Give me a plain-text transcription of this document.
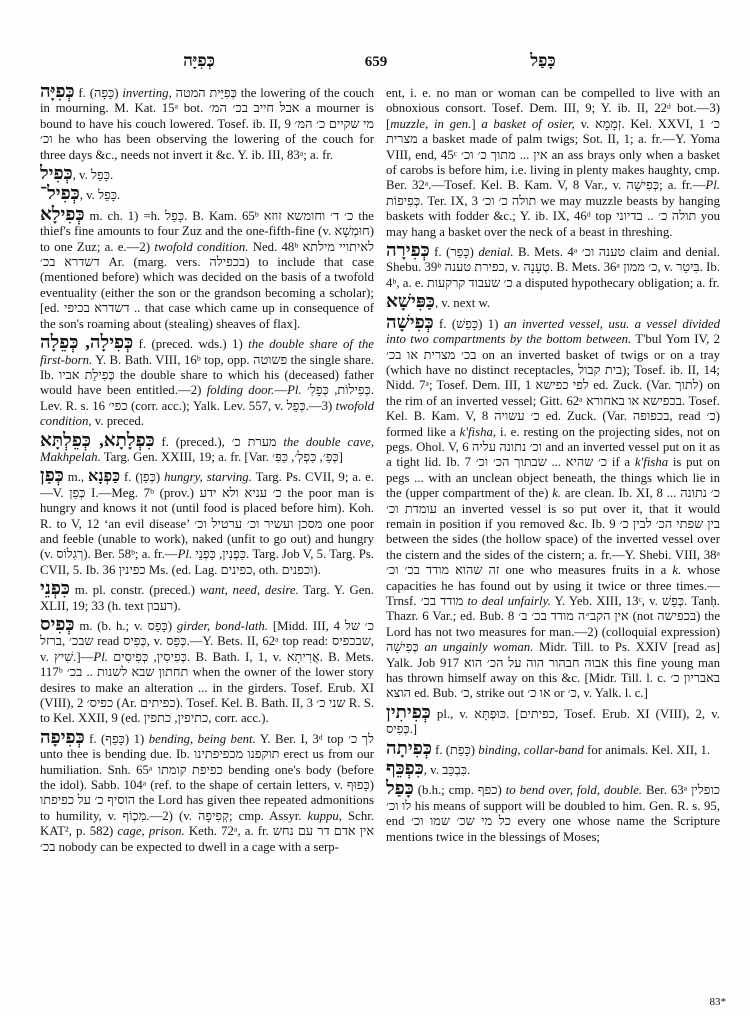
כְּפִיָּה	659	כָּפַל

כְּפִיָּה f. (כָּפָה) inverting, כְּפִיַּית המטה the lowering of the couch in mourning. M. Kat. 15ᵃ bot. אבל חייב בכ׳ המ׳ a mourner is bound to have his couch lowered. Tosef. ib. II, 9 מי שקיים כ׳ המ׳ וכ׳ he who has been observing the lowering of the couch for three days &c., needs not invert it &c. Y. ib. III, 83ᵃ; a. fr.

כְּפִיל, v. כָּפֵל.

כְּפִיל־, v. כָּפֵל.

כְּפִילָא m. ch. 1) =h. כָּפֵל. B. Kam. 65ᵇ כ׳ ד׳ וחומשא זוזא the thief's fine amounts to four Zuz and the one-fifth-fine (v. חוּמְשָׁא) to one Zuz; a. e.—2) twofold condition. Ned. 48ᵇ לאיתויי מילתא דשדרא בכ׳ Ar. (marg. vers. בכפילה) to include that case (mentioned before) which was decided on the basis of a twofold eventuality (either the son or the grandson becoming a scholar); [ed. דשדרא בכיפי .. that case which came up in consequence of the son's roaming about (stealing) sheaves of flax].

כְּפִילָה, כְּפֵלָה f. (preced. wds.) 1) the double share of the first-born. Y. B. Bath. VIII, 16ᵇ top, opp. פשוטה the single share. Ib. כְּפִילַת אביו the double share to which his (deceased) father would have been entitled.—2) folding door.—Pl. כְּפִילוֹת, כְּפָלִ׳. Lev. R. s. 16 כפי׳ (corr. acc.); Yalk. Lev. 557, v. כְּפֵל.—3) twofold condition, v. preced.

כִּפְלָתָא, כְּפֵלְתָּא f. (preced.), מערת כ׳ the double cave, Makhpelah. Targ. Gen. XXIII, 19; a. fr. [Var. כְּפֵ׳, כַּפְלְ׳, כַּפִּ׳]

כְּפַן m., כַּפְנָא f. (כְּפַן) hungry, starving. Targ. Ps. CVII, 9; a. e.—V. כְּפַן I.—Meg. 7ᵇ (prov.) כ׳ עניא ולא ידע the poor man is hungry and knows it not (until food is placed before him). Koh. R. to V, 12 ‘an evil disease’ מסכן ועשיר וכ׳ ערטיל וכ׳ one poor and feeble (unable to work), naked (unfit to go out) and hungry (v. רְגִלוֹס). Ber. 58ᵇ; a. fr.—Pl. כַּפְנִין, כַּפְנֵי. Targ. Job V, 5. Targ. Ps. CVII, 5. Ib. 36 כפינין Ms. (ed. Lag. כפינים, oth. וכפנים).

כִּפְנֵי m. pl. constr. (preced.) want, need, desire. Targ. Y. Gen. XLII, 19; 33 (h. text רעבון).

כְּפִיס m. (b. h.; v. כָּפַס) girder, bond-lath. [Midd. III, 4 כ׳ של ברזל, שבכ׳ read כְּפִיס, v. כְּפַס.—Y. Bets. II, 62ᵃ top read: שבכפיס, v. שִׁיץ.]—Pl. כְּפִיסִין, כְּפִיסִים. B. Bath. I, 1, v. אֲרִיתָא. B. Mets. 117ᵇ תחתון שבא לשנות .. בכ׳ when the owner of the lower story desires to make an alteration ... in the girders. Tosef. Erub. XI (VIII), 2 כפיס׳ (Ar. כפיתים). Tosef. Kel. B. Bath. II, 3 שני כ׳ R. S. to Kel. XXII, 9 (ed. כתיפין, כתפין, corr. acc.).

כְּפִיפָה f. (כָּפַף) 1) bending, being bent. Y. Ber. I, 3ᵈ top לך כ׳ unto thee is bending due. Ib. תוקפנו מכפיפתינו erect us from our humiliation. Snh. 65ᵃ כפיפת קומתו bending one's body (before the idol). Sabb. 104ᵃ (ref. to the shape of certain letters, v. כָּפוּף) הוסיף כ׳ על כפיפתו the Lord has given thee repeated admonitions to humility, v. מִכְוֹף.—2) (v. קְפִיפָה; cmp. Assyr. kuppu, Schr. KAT², p. 582) cage, prison. Keth. 72ᵃ, a. fr. אין אדם דר עם נחש בכ׳ nobody can be expected to dwell in a cage with a serp-

ent, i. e. no man or woman can be compelled to live with an obnoxious consort. Tosef. Dem. III, 9; Y. ib. II, 22ᵈ bot.—3) [muzzle, in gen.] a basket of osier, v. זְמָמָא. Kel. XXVI, 1 כ׳ מצרית a basket made of palm twigs; Sot. II, 1; a. fr.—Y. Yoma VIII, end, 45ᶜ אין ... מתוך כ׳ וכ׳ an ass brays only when a basket of carobs is before him, i.e. living in plenty makes haughty, cmp. Ber. 32ᵃ.—Tosef. Kel. B. Kam. V, 8 Var., v. כְּפִישָׁה; a. fr.—Pl. כְּפִיפוֹת. Ter. IX, 3 תולה כ׳ וכ׳ we may muzzle beasts by hanging baskets with fodder &c.; Y. ib. IX, 46ᵈ top תולה כ׳ .. בדיוני you may hang a basket over the neck of a beast in threshing.

כְּפִירָה f. (כָּפַר) denial. B. Mets. 4ᵃ טענה וכ׳ claim and denial. Shebu. 39ᵇ כפירת טענה, v. טְעָנָה. B. Mets. 36ᵃ כ׳ ממון, v. בִּיטַר. Ib. 4ᵇ, a. e. כ׳ שעבוד קרקעות a disputed hypothecary obligation; a. fr.

כַּפִּישָׁא, v. next w.

כְּפִישָׁה f. (כָּפַשׁ) 1) an inverted vessel, usu. a vessel divided into two compartments by the bottom between. T'bul Yom IV, 2 בכ׳ מצרית או בכ׳ on an inverted basket of twigs or on a tray (which have no distinct receptacles, בית קבול); Tosef. ib. II, 14; Nidd. 7ᵃ; Tosef. Dem. III, 1 לפי כפישא ed. Zuck. (Var. לתוך) on the rim of an inverted vessel; Gitt. 62ᵃ בכפישא או באחורא. Tosef. Kel. B. Kam. V, 8 כ׳ עשויה ed. Zuck. (Var. בכפופה, read כ׳) formed like a k'fisha, i. e. resting on the projecting sides, not on pegs. Ohol. V, 6 וכ׳ נתונה עליה and an inverted vessel put on it as a tight lid. Ib. 7 כ׳ שהיא ... שבתוך הכ׳ וכ׳ if a k'fisha is put on pegs ... with an unclean object beneath, the things which lie in the (upper compartment of the) k. are clean. Ib. XI, 8 כ׳ נתונה ... עומדת וכ׳ an inverted vessel is so put over it, that it would remain in position if you removed &c. Ib. 9 בין שפתי הכ׳ לבין כ׳ between the sides (the hollow space) of the inverted vessel over the cistern and the sides of the cistern; a. fr.—Y. Shebi. VIII, 38ᵃ זה שהוא מודד בכ׳ וכ׳ one who measures fruits in a k. whose capacities he has found out by using it twice or three times.—Trnsf. מודד בכ׳ to deal unfairly. Y. Yeb. XIII, 13ᶜ, v. כְּפַשׁ. Tanḥ. Thazr. 6 Var.; ed. Bub. 8 אין הקב״ה מודד בכ׳ ב׳ (not בכפישה) the Lord has not two measures for man.—2) (colloquial expression) כְּפִישָׁה an ungainly woman. Midr. Till. to Ps. XXIV [read as] Yalk. Job 917 אבוה חבהור הוה על הכ׳ הוא this fine young man has thrown himself away on this &c. [Midr. Till. l. c. באבריון כ׳ הוצא ed. Bub. כ׳, strike out או כ׳ or כ׳, v. Yalk. l. c.]

כְּפִיתִין pl., v. כּוּפְתָּא. [כפיתים, Tosef. Erub. XI (VIII), 2, v. כְּפִיס.]

כְּפִיתָה f. (כָּפַת) binding, collar-band for animals. Kel. XII, 1.

כִּפְכֵּף, v. כִּבְכֵּב.

כָּפַל (b.h.; cmp. כפף) to bend over, fold, double. Ber. 63ᵃ כופלין לו וכ׳ his means of support will be doubled to him. Gen. R. s. 95, end כל מי שכ׳ שמו וכ׳ every one whose name the Scripture mentions twice in the blessings of Moses;

83*
